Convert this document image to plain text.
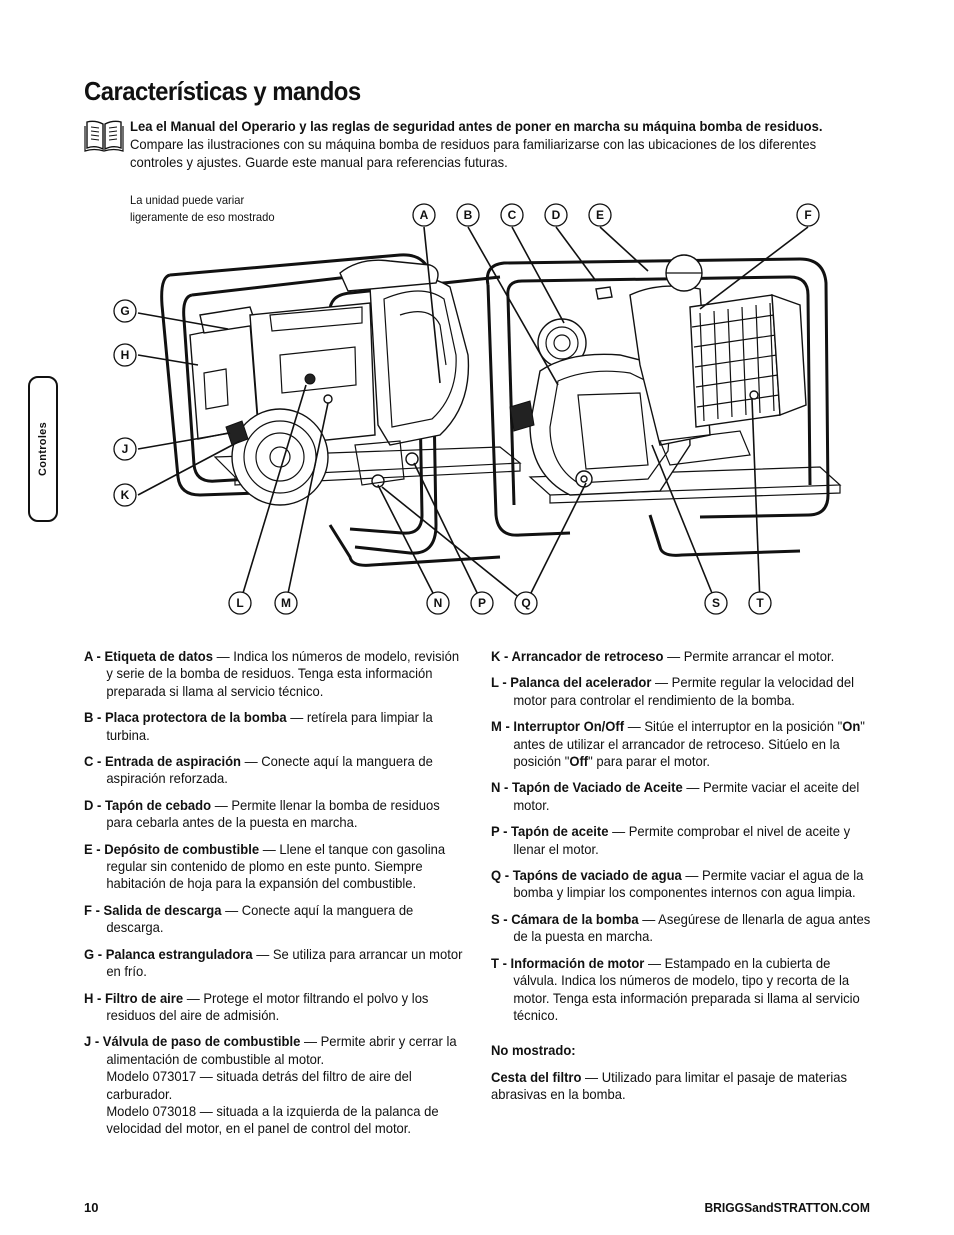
Características y mandos
Lea el Manual del Operario y las reglas de seguridad antes de poner en marcha su máquina bomba de residuos. Compare las ilustraciones con su máquina bomba de residuos para familiarizarse con las ubicaciones de los diferentes controles y ajustes. Guarde este manual para referencias futuras.
La unidad puede variar
ligeramente de eso mostrado
Controles
A	B	C	D	E	F
G
H
J
K
L	M	N	P	Q	S	T

A - Etiqueta de datos — Indica los números de modelo, revisión y serie de la bomba de residuos. Tenga esta información preparada si llama al servicio técnico.

B - Placa protectora de la bomba — retírela para limpiar la turbina.

C - Entrada de aspiración — Conecte aquí la manguera de aspiración reforzada.

D - Tapón de cebado — Permite llenar la bomba de residuos para cebarla antes de la puesta en marcha.

E - Depósito de combustible — Llene el tanque con gasolina regular sin contenido de plomo en este punto. Siempre habitación de hoja para la expansión del combustible.

F - Salida de descarga — Conecte aquí la manguera de descarga.

G - Palanca estranguladora — Se utiliza para arrancar un motor en frío.

H - Filtro de aire — Protege el motor filtrando el polvo y los residuos del aire de admisión.

J - Válvula de paso de combustible — Permite abrir y cerrar la alimentación de combustible al motor.
Modelo 073017 — situada detrás del filtro de aire del carburador.
Modelo 073018 — situada a la izquierda de la palanca de velocidad del motor, en el panel de control del motor.

K - Arrancador de retroceso — Permite arrancar el motor.

L - Palanca del acelerador — Permite regular la velocidad del motor para controlar el rendimiento de la bomba.

M - Interruptor On/Off — Sitúe el interruptor en la posición "On" antes de utilizar el arrancador de retroceso. Sitúelo en la posición "Off" para parar el motor.

N - Tapón de Vaciado de Aceite — Permite vaciar el aceite del motor.

P - Tapón de aceite — Permite comprobar el nivel de aceite y llenar el motor.

Q - Tapóns de vaciado de agua — Permite vaciar el agua de la bomba y limpiar los componentes internos con agua limpia.

S - Cámara de la bomba — Asegúrese de llenarla de agua antes de la puesta en marcha.

T - Información de motor — Estampado en la cubierta de válvula. Indica los números de modelo, tipo y recorta de la motor. Tenga esta información preparada si llama al servicio técnico.

No mostrado:

Cesta del filtro — Utilizado para limitar el pasaje de materias abrasivas en la bomba.

10	BRIGGSandSTRATTON.COM
